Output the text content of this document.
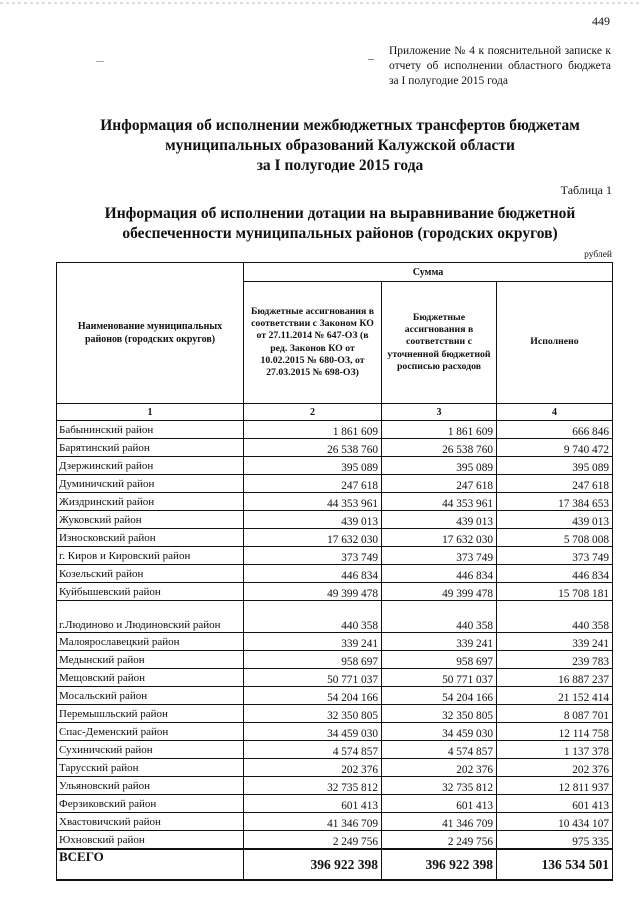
449
Приложение № 4 к пояснительной записке к отчету об исполнении областного бюджета за I полугодие 2015 года
Информация об исполнении межбюджетных трансфертов бюджетам
муниципальных образований Калужской области
за I полугодие 2015 года
Таблица 1
Информация об исполнении дотации на выравнивание бюджетной
обеспеченности муниципальных районов (городских округов)
рублей
Наименование муниципальных районов (городских округов)	Сумма		
	Бюджетные ассигнования в соответствии с Законом КО от 27.11.2014 № 647-ОЗ (в ред. Законов КО от 10.02.2015 № 680-ОЗ, от 27.03.2015 № 698-ОЗ)	Бюджетные ассигнования в соответствии с уточненной бюджетной росписью расходов	Исполнено
1	2	3	4
Бабынинский район	1 861 609	1 861 609	666 846
Барятинский район	26 538 760	26 538 760	9 740 472
Дзержинский район	395 089	395 089	395 089
Думиничский район	247 618	247 618	247 618
Жиздринский район	44 353 961	44 353 961	17 384 653
Жуковский район	439 013	439 013	439 013
Износковский район	17 632 030	17 632 030	5 708 008
г. Киров и Кировский район	373 749	373 749	373 749
Козельский район	446 834	446 834	446 834
Куйбышевский район	49 399 478	49 399 478	15 708 181
г.Людиново и Людиновский район	440 358	440 358	440 358
Малоярославецкий район	339 241	339 241	339 241
Медынский район	958 697	958 697	239 783
Мещовский район	50 771 037	50 771 037	16 887 237
Мосальский район	54 204 166	54 204 166	21 152 414
Перемышльский район	32 350 805	32 350 805	8 087 701
Спас-Деменский район	34 459 030	34 459 030	12 114 758
Сухиничский район	4 574 857	4 574 857	1 137 378
Тарусский район	202 376	202 376	202 376
Ульяновский район	32 735 812	32 735 812	12 811 937
Ферзиковский район	601 413	601 413	601 413
Хвастовичский район	41 346 709	41 346 709	10 434 107
Юхновский район	2 249 756	2 249 756	975 335
ВСЕГО	396 922 398	396 922 398	136 534 501
